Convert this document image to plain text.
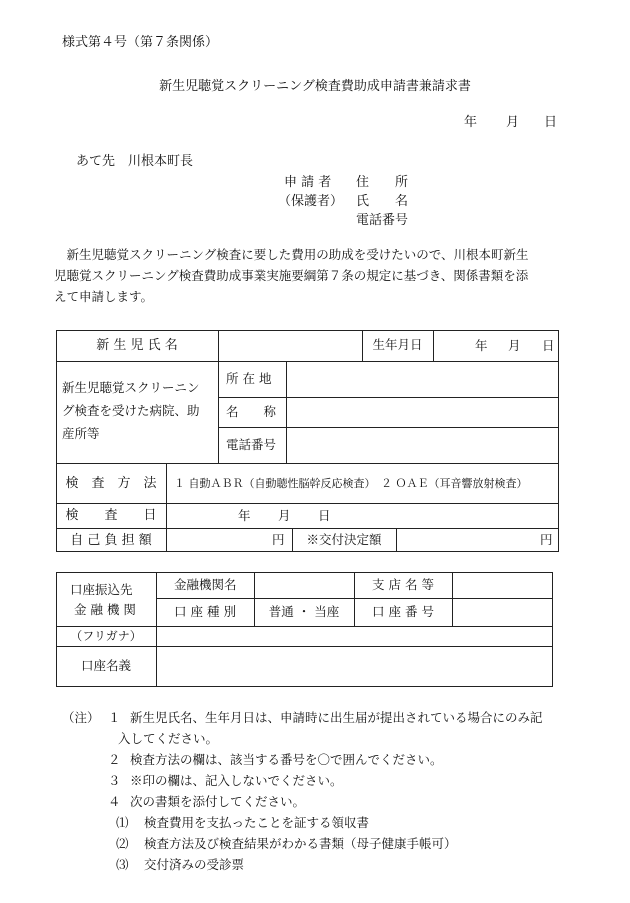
様式第４号（第７条関係）
新生児聴覚スクリーニング検査費助成申請書兼請求書
年 月 日
あて先　川根本町長
申 請 者 住　　所
（保護者） 氏　　名
電話番号
　新生児聴覚スクリーニング検査に要した費用の助成を受けたいので、川根本町新生
児聴覚スクリーニング検査費助成事業実施要綱第７条の規定に基づき、関係書類を添
えて申請します。
新 生 児 氏 名	生年月日	年 月 日
新生児聴覚スクリーニン
グ検査を受けた病院、助
産所等
所 在 地
名　　称
電話番号
検　査　方　法	１ 自動ＡＢＲ（自動聴性脳幹反応検査）　２ ＯＡＥ（耳音響放射検査）
検　　査　　日	年 月 日
自 己 負 担 額	円	※交付決定額	円
口座振込先
金 融 機 関
金融機関名	支 店 名 等
口 座 種 別	普通 ・ 当座	口 座 番 号
（フリガナ）
口座名義
（注） １ 新生児氏名、生年月日は、申請時に出生届が提出されている場合にのみ記
入してください。
２ 検査方法の欄は、該当する番号を〇で囲んでください。
３ ※印の欄は、記入しないでください。
４ 次の書類を添付してください。
⑴ 検査費用を支払ったことを証する領収書
⑵ 検査方法及び検査結果がわかる書類（母子健康手帳可）
⑶ 交付済みの受診票
